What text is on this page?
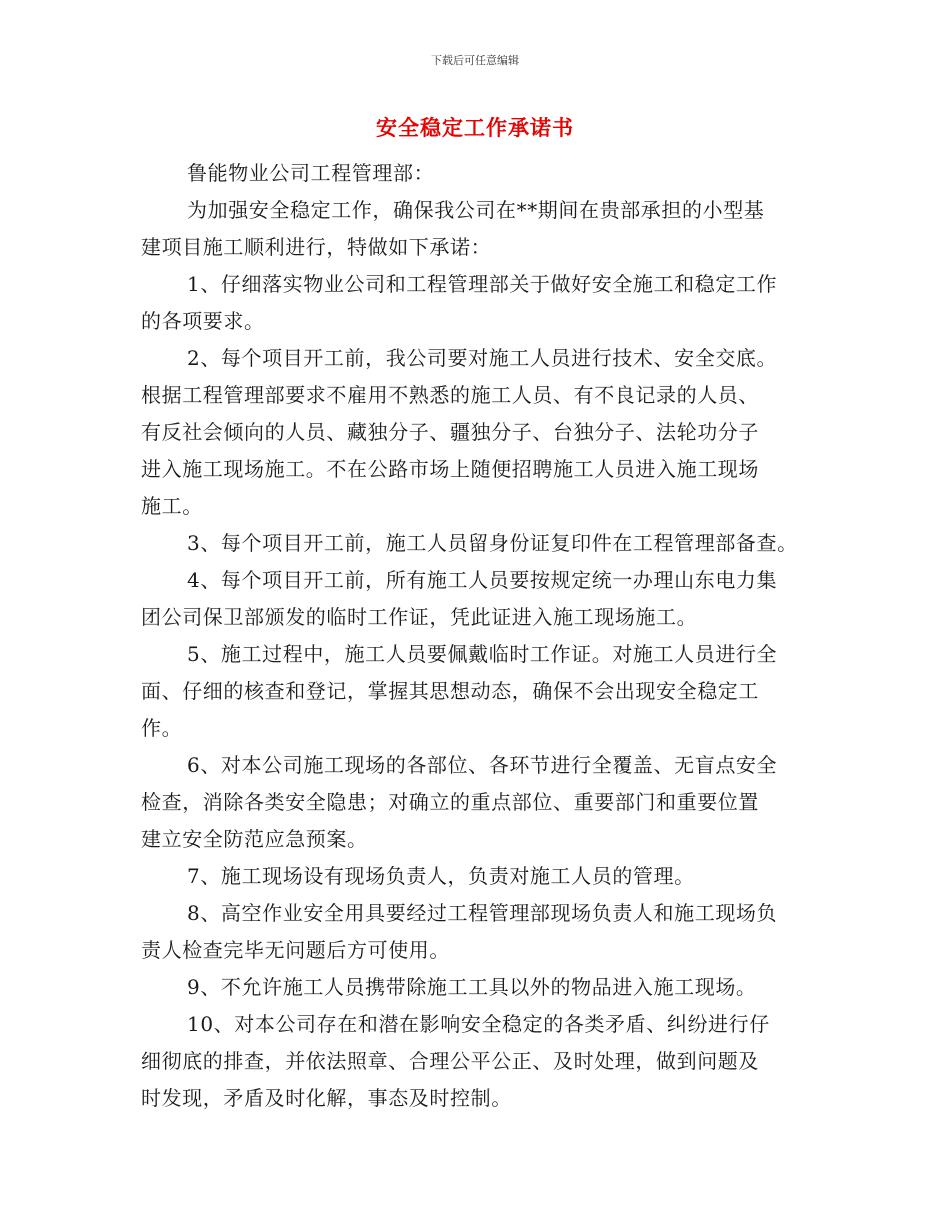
下载后可任意编辑
安全稳定工作承诺书

鲁能物业公司工程管理部：

为加强安全稳定工作，确保我公司在**期间在贵部承担的小型基
建项目施工顺利进行，特做如下承诺：

1、仔细落实物业公司和工程管理部关于做好安全施工和稳定工作
的各项要求。

2、每个项目开工前，我公司要对施工人员进行技术、安全交底。
根据工程管理部要求不雇用不熟悉的施工人员、有不良记录的人员、
有反社会倾向的人员、藏独分子、疆独分子、台独分子、法轮功分子
进入施工现场施工。不在公路市场上随便招聘施工人员进入施工现场
施工。

3、每个项目开工前，施工人员留身份证复印件在工程管理部备查。

4、每个项目开工前，所有施工人员要按规定统一办理山东电力集
团公司保卫部颁发的临时工作证，凭此证进入施工现场施工。

5、施工过程中，施工人员要佩戴临时工作证。对施工人员进行全
面、仔细的核查和登记，掌握其思想动态，确保不会出现安全稳定工
作。

6、对本公司施工现场的各部位、各环节进行全覆盖、无盲点安全
检查，消除各类安全隐患；对确立的重点部位、重要部门和重要位置
建立安全防范应急预案。

7、施工现场设有现场负责人，负责对施工人员的管理。

8、高空作业安全用具要经过工程管理部现场负责人和施工现场负
责人检查完毕无问题后方可使用。

9、不允许施工人员携带除施工工具以外的物品进入施工现场。

10、对本公司存在和潜在影响安全稳定的各类矛盾、纠纷进行仔
细彻底的排查，并依法照章、合理公平公正、及时处理，做到问题及
时发现，矛盾及时化解，事态及时控制。
